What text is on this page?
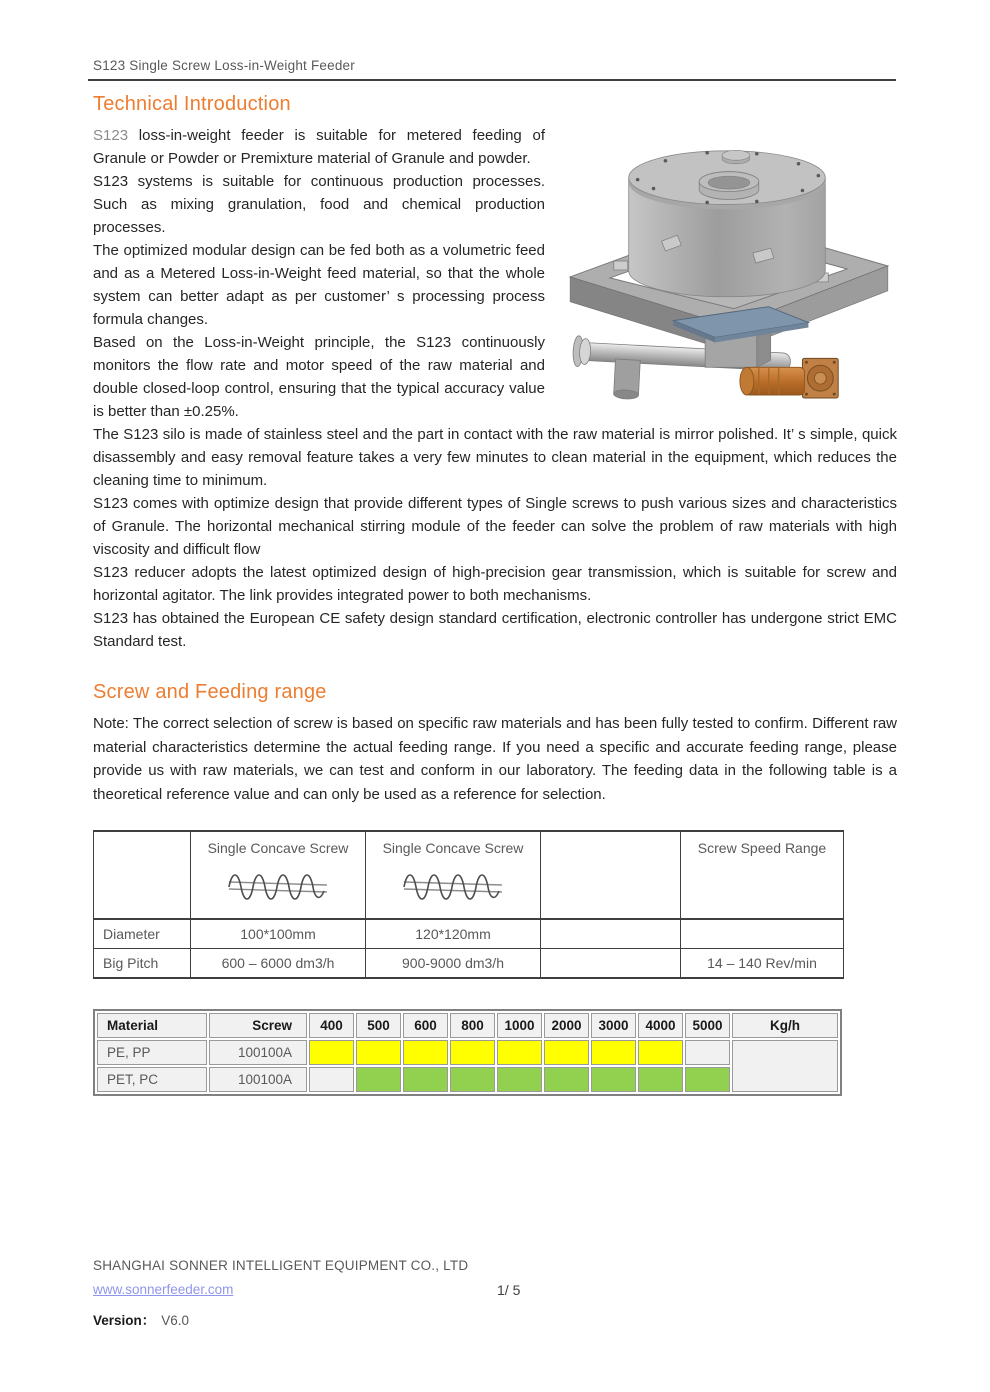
S123 Single Screw Loss-in-Weight Feeder
Technical Introduction

S123 loss-in-weight feeder is suitable for metered feeding of Granule or Powder or Premixture material of Granule and powder.

S123 systems is suitable for continuous production processes. Such as mixing granulation, food and chemical production processes.

The optimized modular design can be fed both as a volumetric feed and as a Metered Loss-in-Weight feed material, so that the whole system can better adapt as per customer’ s processing process formula changes.

Based on the Loss-in-Weight principle, the S123 continuously monitors the flow rate and motor speed of the raw material and double closed-loop control, ensuring that the typical accuracy value is better than ±0.25%.

The S123 silo is made of stainless steel and the part in contact with the raw material is mirror polished. It’ s simple, quick disassembly and easy removal feature takes a very few minutes to clean material in the equipment, which reduces the cleaning time to minimum.

S123 comes with optimize design that provide different types of Single screws to push various sizes and characteristics of Granule. The horizontal mechanical stirring module of the feeder can solve the problem of raw materials with high viscosity and difficult flow

S123 reducer adopts the latest optimized design of high-precision gear transmission, which is suitable for screw and horizontal agitator. The link provides integrated power to both mechanisms.

S123 has obtained the European CE safety design standard certification, electronic controller has undergone strict EMC Standard test.

Screw and Feeding range

Note: The correct selection of screw is based on specific raw materials and has been fully tested to confirm. Different raw material characteristics determine the actual feeding range. If you need a specific and accurate feeding range, please provide us with raw materials, we can test and conform in our laboratory. The feeding data in the following table is a theoretical reference value and can only be used as a reference for selection.

	Single Concave Screw	Single Concave Screw		Screw Speed Range

Diameter	100*100mm	120*120mm		
Big Pitch	600 – 6000 dm3/h	900-9000 dm3/h		14 – 140 Rev/min
Material	Screw	400	500	600	800	1000	2000	3000	4000	5000	Kg/h
PE, PP	100100A										
PET, PC	100100A										
SHANGHAI SONNER INTELLIGENT EQUIPMENT CO., LTD
www.sonnerfeeder.com	1/ 5
Version： V6.0
